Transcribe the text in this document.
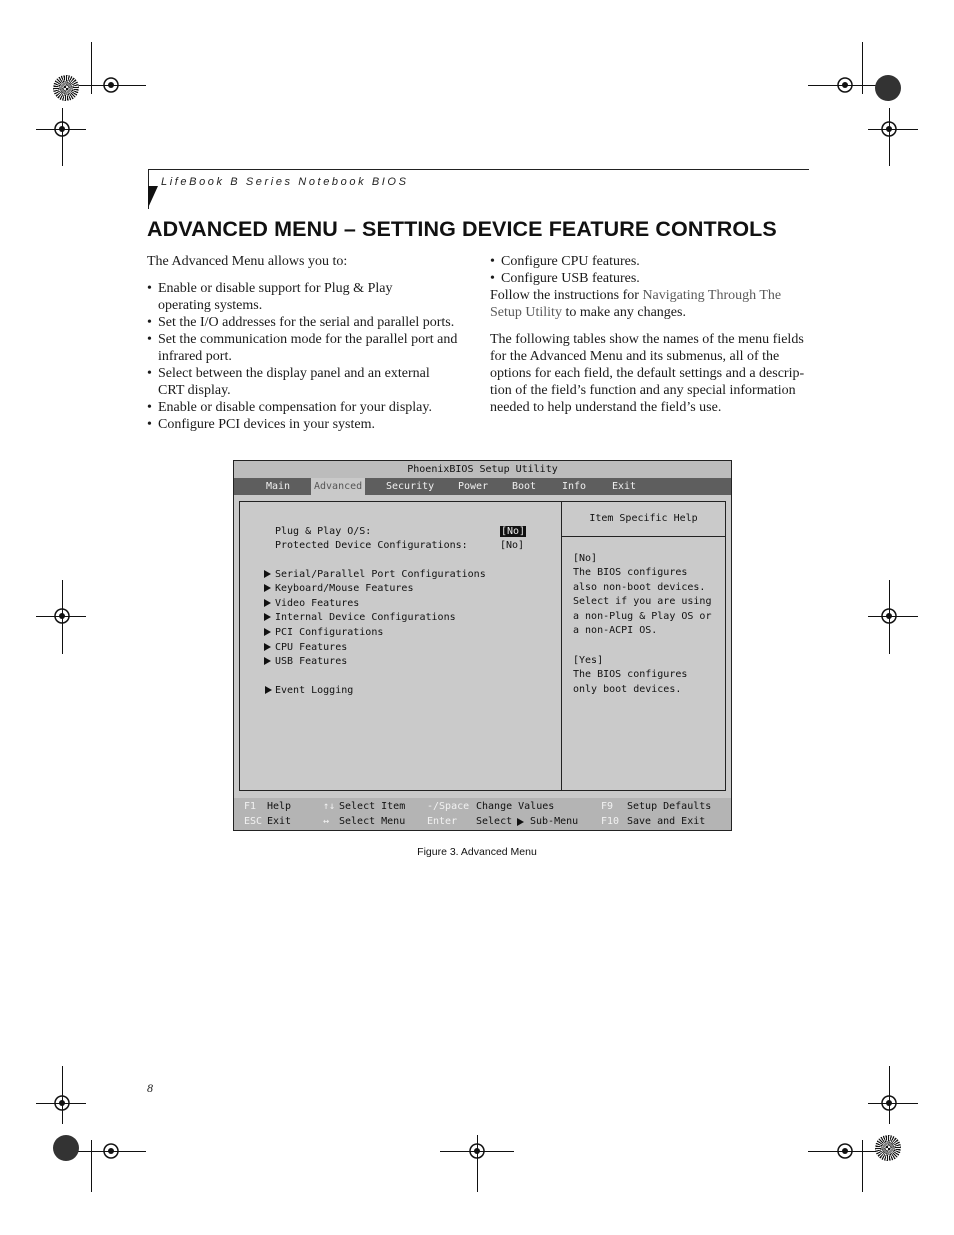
LifeBook B Series Notebook BIOS
ADVANCED MENU – SETTING DEVICE FEATURE CONTROLS

The Advanced Menu allows you to:

• Enable or disable support for Plug & Play
operating systems.
• Set the I/O addresses for the serial and parallel ports.
• Set the communication mode for the parallel port and
infrared port.
• Select between the display panel and an external
CRT display.
• Enable or disable compensation for your display.
• Configure PCI devices in your system.
• Configure CPU features.
• Configure USB features.

Follow the instructions for Navigating Through The
Setup Utility to make any changes.

The following tables show the names of the menu fields
for the Advanced Menu and its submenus, all of the
options for each field, the default settings and a descrip-
tion of the field’s function and any special information
needed to help understand the field’s use.

PhoenixBIOS Setup Utility
Main	Advanced	Security	Power	Boot	Info	Exit
Plug & Play O/S:	[No]
Protected Device Configurations:	[No]
Serial/Parallel Port Configurations
Keyboard/Mouse Features
Video Features
Internal Device Configurations
PCI Configurations
CPU Features
USB Features
Event Logging
Item Specific Help
[No]
The BIOS configures
also non-boot devices.
Select if you are using
a non-Plug & Play OS or
a non-ACPI OS.
[Yes]
The BIOS configures
only boot devices.
F1 Help	↑↓ Select Item -/Space Change Values	F9 Setup Defaults
ESC Exit	↔ Select Menu Enter Select Sub-Menu F10 Save and Exit
Figure 3. Advanced Menu
8
